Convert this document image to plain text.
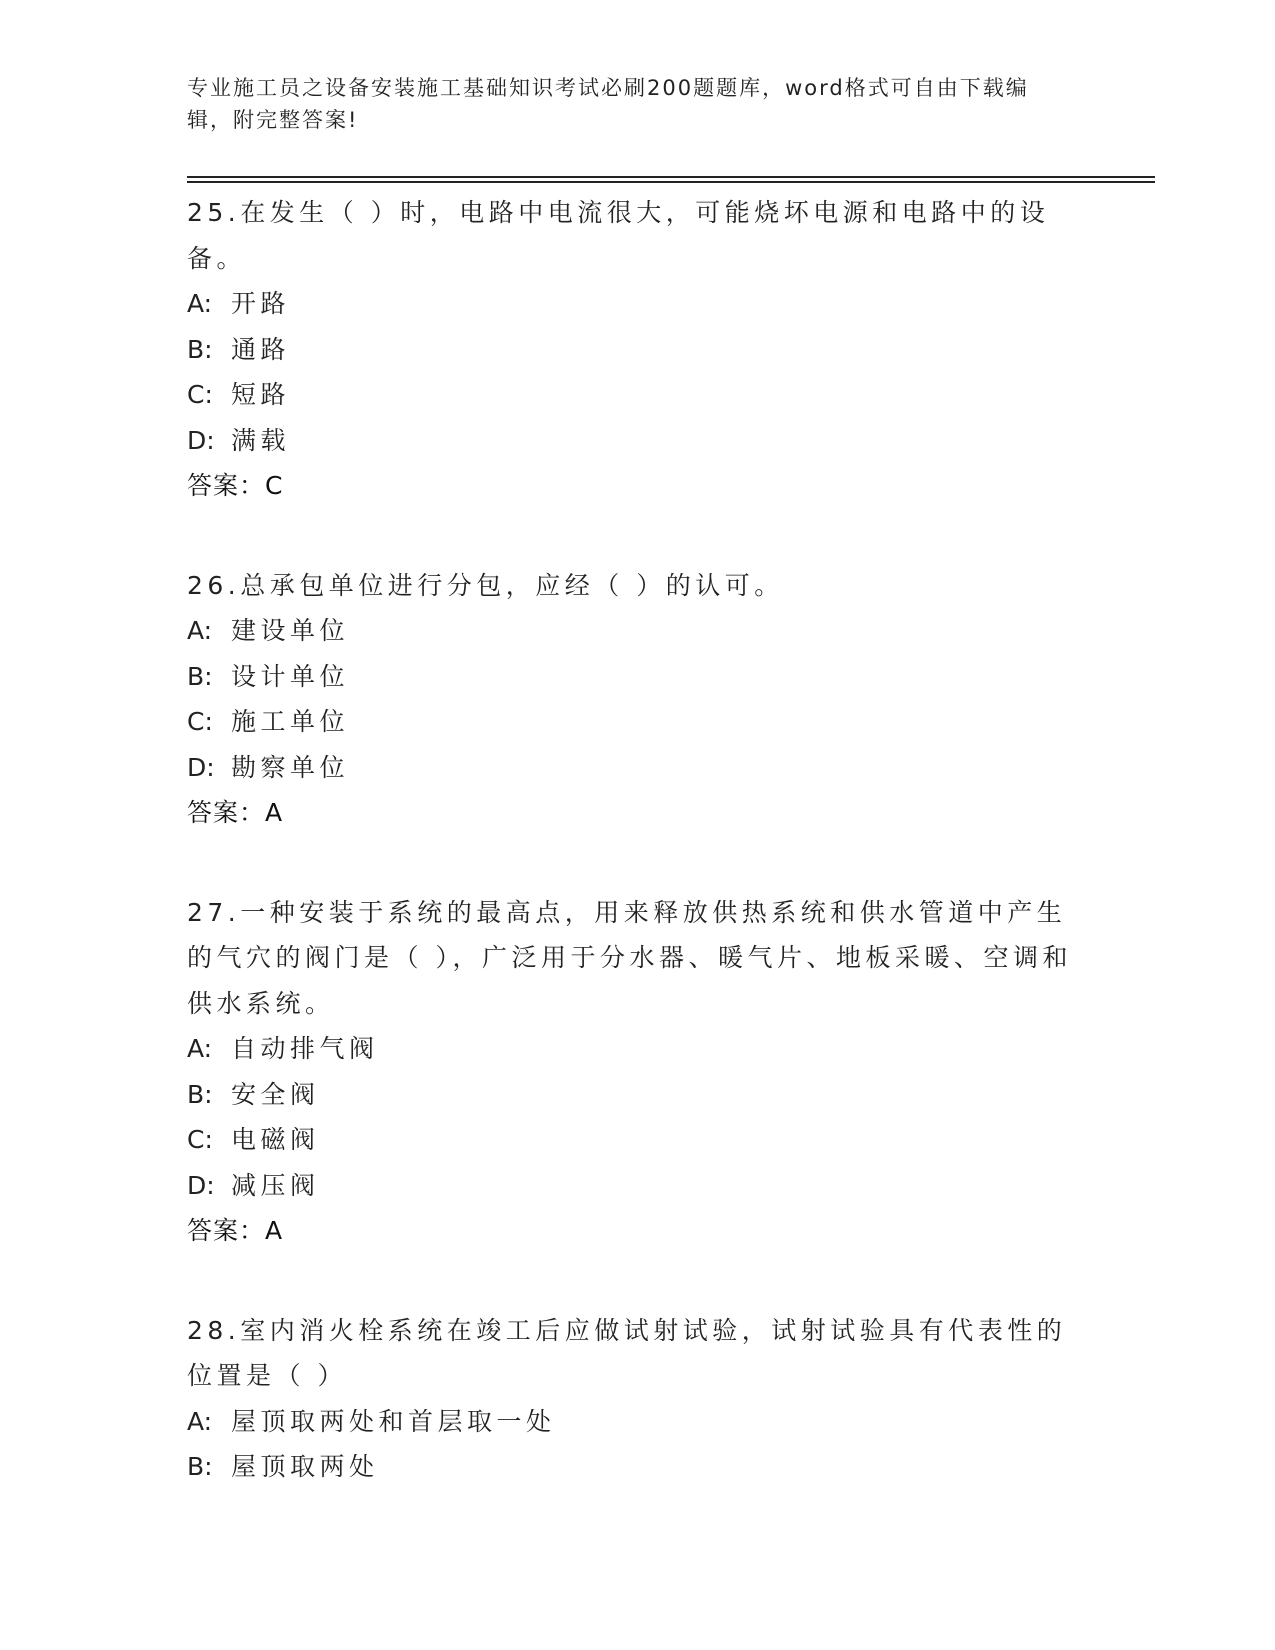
专业施工员之设备安装施工基础知识考试必刷200题题库，word格式可自由下载编辑，附完整答案!

25.在发生（ ）时，电路中电流很大，可能烧坏电源和电路中的设备。

A: 开路

B: 通路

C: 短路

D: 满载

答案：C

26.总承包单位进行分包，应经（ ）的认可。

A: 建设单位

B: 设计单位

C: 施工单位

D: 勘察单位

答案：A

27.一种安装于系统的最高点，用来释放供热系统和供水管道中产生的气穴的阀门是（ ），广泛用于分水器、暖气片、地板采暖、空调和供水系统。

A: 自动排气阀

B: 安全阀

C: 电磁阀

D: 减压阀

答案：A

28.室内消火栓系统在竣工后应做试射试验，试射试验具有代表性的位置是（ ）

A: 屋顶取两处和首层取一处

B: 屋顶取两处
